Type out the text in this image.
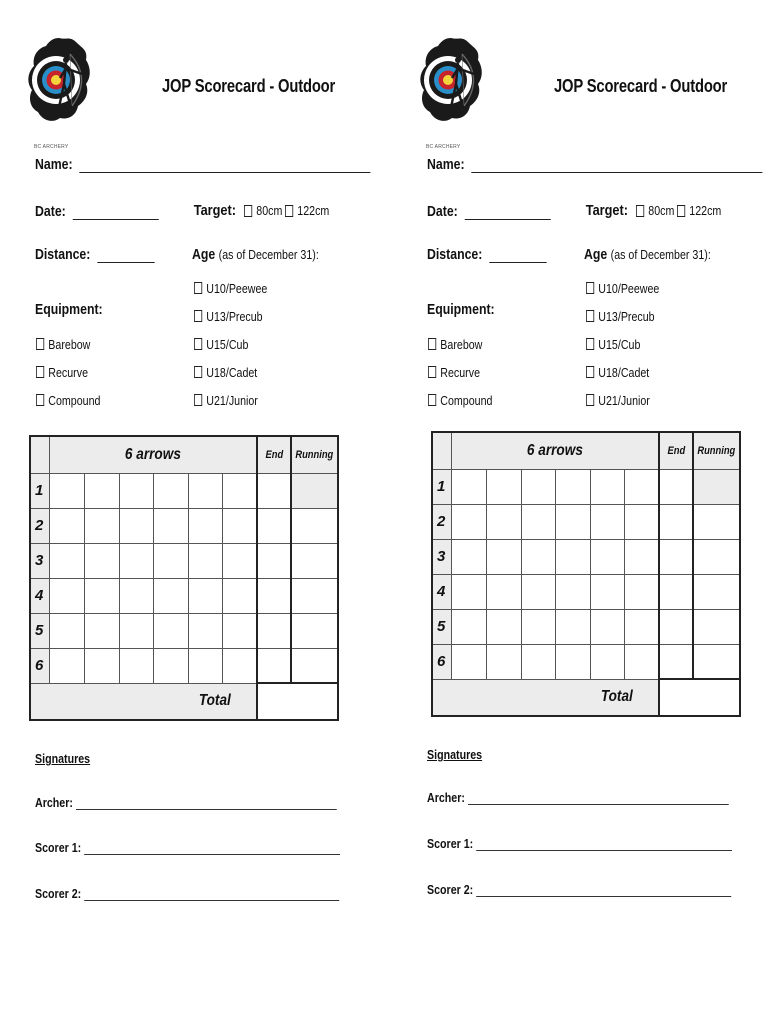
BC ARCHERY
JOP Scorecard - Outdoor
Name:
Date:	Target: 80cm 122cm
Distance:	Age (as of December 31):
U10/Peewee
U13/Precub
U15/Cub
U18/Cadet
U21/Junior
Equipment:
Barebow
Recurve
Compound
	6 arrows						End	Running
1								
2								
3								
4								
5								
6								
Total								
Signatures
Archer:
Scorer 1:
Scorer 2:
BC ARCHERY
JOP Scorecard - Outdoor
Name:
Date:	Target: 80cm 122cm
Distance:	Age (as of December 31):
U10/Peewee
U13/Precub
U15/Cub
U18/Cadet
U21/Junior
Equipment:
Barebow
Recurve
Compound
	6 arrows						End	Running
1								
2								
3								
4								
5								
6								
Total								
Signatures
Archer:
Scorer 1:
Scorer 2:
